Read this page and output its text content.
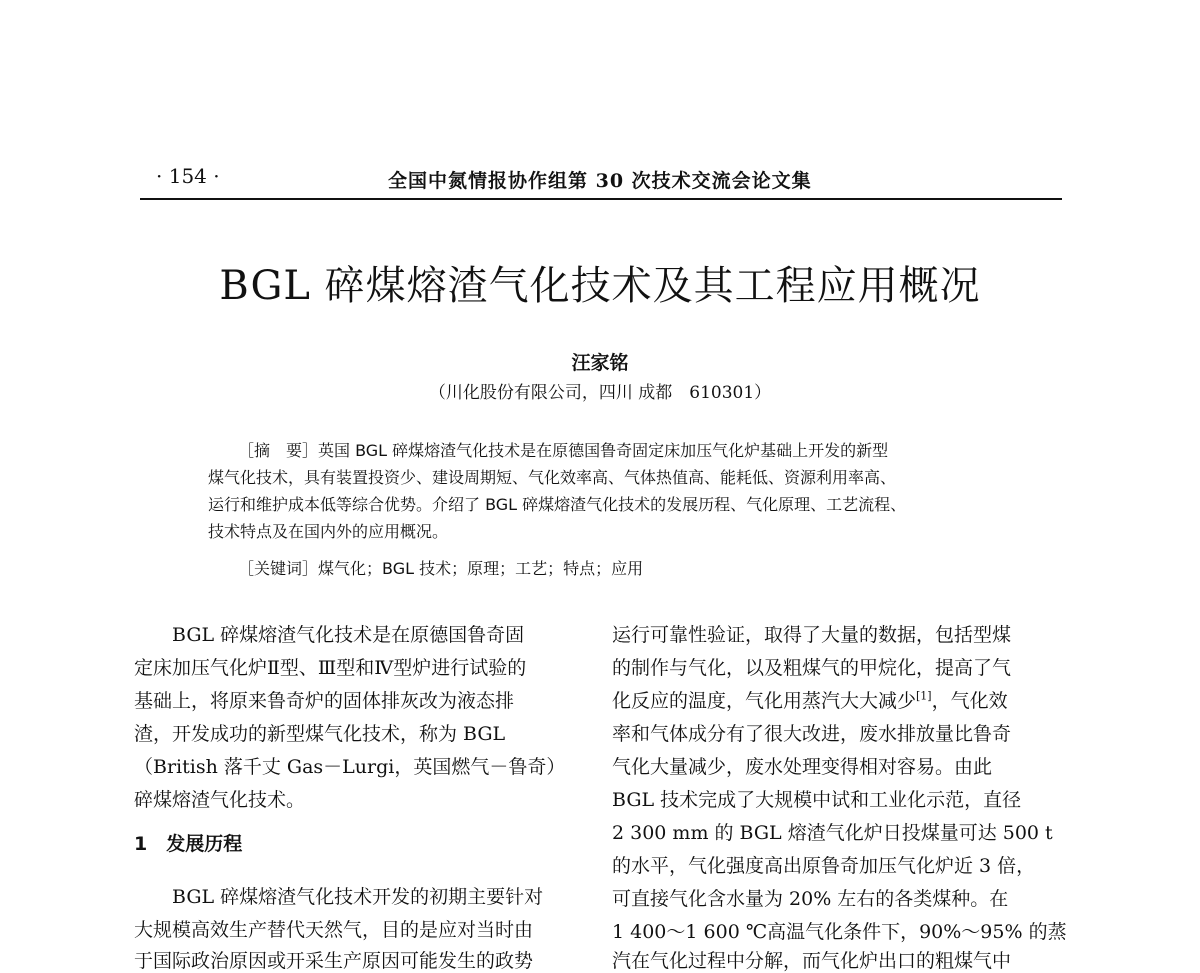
· 154 ·	全国中氮情报协作组第 30 次技术交流会论文集
BGL 碎煤熔渣气化技术及其工程应用概况
汪家铭
（川化股份有限公司，四川 成都　610301）
［摘　要］英国 BGL 碎煤熔渣气化技术是在原德国鲁奇固定床加压气化炉基础上开发的新型
煤气化技术，具有装置投资少、建设周期短、气化效率高、气体热值高、能耗低、资源利用率高、
运行和维护成本低等综合优势。介绍了 BGL 碎煤熔渣气化技术的发展历程、气化原理、工艺流程、
技术特点及在国内外的应用概况。
［关键词］煤气化；BGL 技术；原理；工艺；特点；应用
　　BGL 碎煤熔渣气化技术是在原德国鲁奇固
定床加压气化炉Ⅱ型、Ⅲ型和Ⅳ型炉进行试验的
基础上，将原来鲁奇炉的固体排灰改为液态排
渣，开发成功的新型煤气化技术，称为 BGL
（British 落千丈 Gas－Lurgi，英国燃气－鲁奇）
碎煤熔渣气化技术。
　　BGL 碎煤熔渣气化技术开发的初期主要针对
大规模高效生产替代天然气，目的是应对当时由
于国际政治原因或开采生产原因可能发生的政势
1　发展历程
运行可靠性验证，取得了大量的数据，包括型煤
的制作与气化，以及粗煤气的甲烷化，提高了气
化反应的温度，气化用蒸汽大大减少[1]，气化效
率和气体成分有了很大改进，废水排放量比鲁奇
气化大量减少，废水处理变得相对容易。由此
BGL 技术完成了大规模中试和工业化示范，直径
2 300 mm 的 BGL 熔渣气化炉日投煤量可达 500 t
的水平，气化强度高出原鲁奇加压气化炉近 3 倍，
可直接气化含水量为 20% 左右的各类煤种。在
1 400～1 600 ℃高温气化条件下，90%～95% 的蒸
汽在气化过程中分解，而气化炉出口的粗煤气中
